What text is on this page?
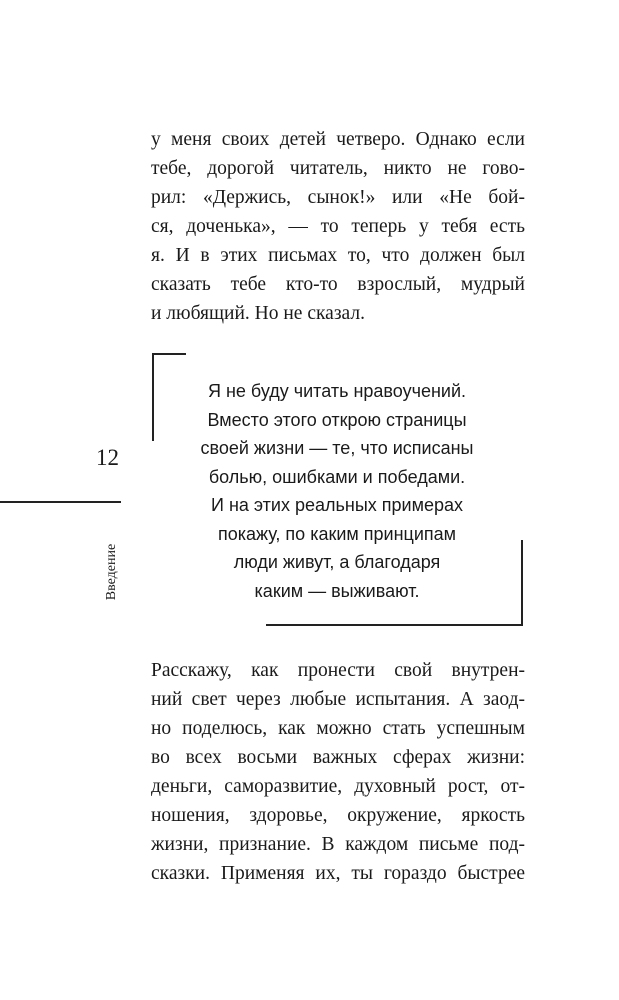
у меня своих детей четверо. Однако если
тебе, дорогой читатель, никто не гово-
рил: «Держись, сынок!» или «Не бой-
ся, доченька», — то теперь у тебя есть
я. И в этих письмах то, что должен был
сказать тебе кто-то взрослый, мудрый
и любящий. Но не сказал.
Я не буду читать нравоучений.
Вместо этого открою страницы
своей жизни — те, что исписаны
болью, ошибками и победами.
И на этих реальных примерах
покажу, по каким принципам
люди живут, а благодаря
каким — выживают.
12
Введение
Расскажу, как пронести свой внутрен-
ний свет через любые испытания. А заод-
но поделюсь, как можно стать успешным
во всех восьми важных сферах жизни:
деньги, саморазвитие, духовный рост, от-
ношения, здоровье, окружение, яркость
жизни, признание. В каждом письме под-
сказки. Применяя их, ты гораздо быстрее
